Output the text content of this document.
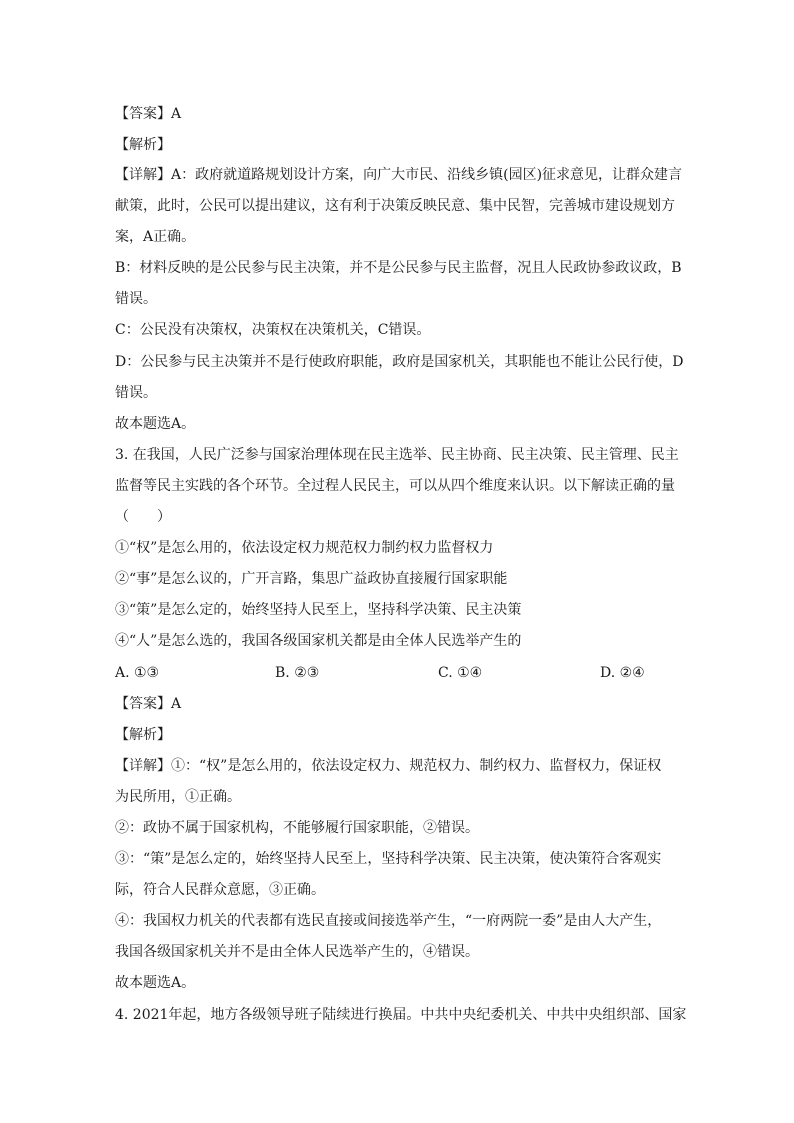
【答案】A
【解析】
【详解】A：政府就道路规划设计方案，向广大市民、沿线乡镇(园区)征求意见，让群众建言
献策，此时，公民可以提出建议，这有利于决策反映民意、集中民智，完善城市建设规划方
案，A正确。
B：材料反映的是公民参与民主决策，并不是公民参与民主监督，况且人民政协参政议政，B
错误。
C：公民没有决策权，决策权在决策机关，C错误。
D：公民参与民主决策并不是行使政府职能，政府是国家机关，其职能也不能让公民行使，D
错误。
故本题选A。
3. 在我国，人民广泛参与国家治理体现在民主选举、民主协商、民主决策、民主管理、民主
监督等民主实践的各个环节。全过程人民民主，可以从四个维度来认识。以下解读正确的量
（　　）
①“权”是怎么用的，依法设定权力规范权力制约权力监督权力
②“事”是怎么议的，广开言路，集思广益政协直接履行国家职能
③“策”是怎么定的，始终坚持人民至上，坚持科学决策、民主决策
④“人”是怎么选的，我国各级国家机关都是由全体人民选举产生的
A. ①③	B. ②③	C. ①④	D. ②④
【答案】A
【解析】
【详解】①：“权”是怎么用的，依法设定权力、规范权力、制约权力、监督权力，保证权
为民所用，①正确。
②：政协不属于国家机构，不能够履行国家职能，②错误。
③：“策”是怎么定的，始终坚持人民至上，坚持科学决策、民主决策，使决策符合客观实
际，符合人民群众意愿，③正确。
④：我国权力机关的代表都有选民直接或间接选举产生，“一府两院一委”是由人大产生，
我国各级国家机关并不是由全体人民选举产生的，④错误。
故本题选A。
4. 2021年起，地方各级领导班子陆续进行换届。中共中央纪委机关、中共中央组织部、国家
